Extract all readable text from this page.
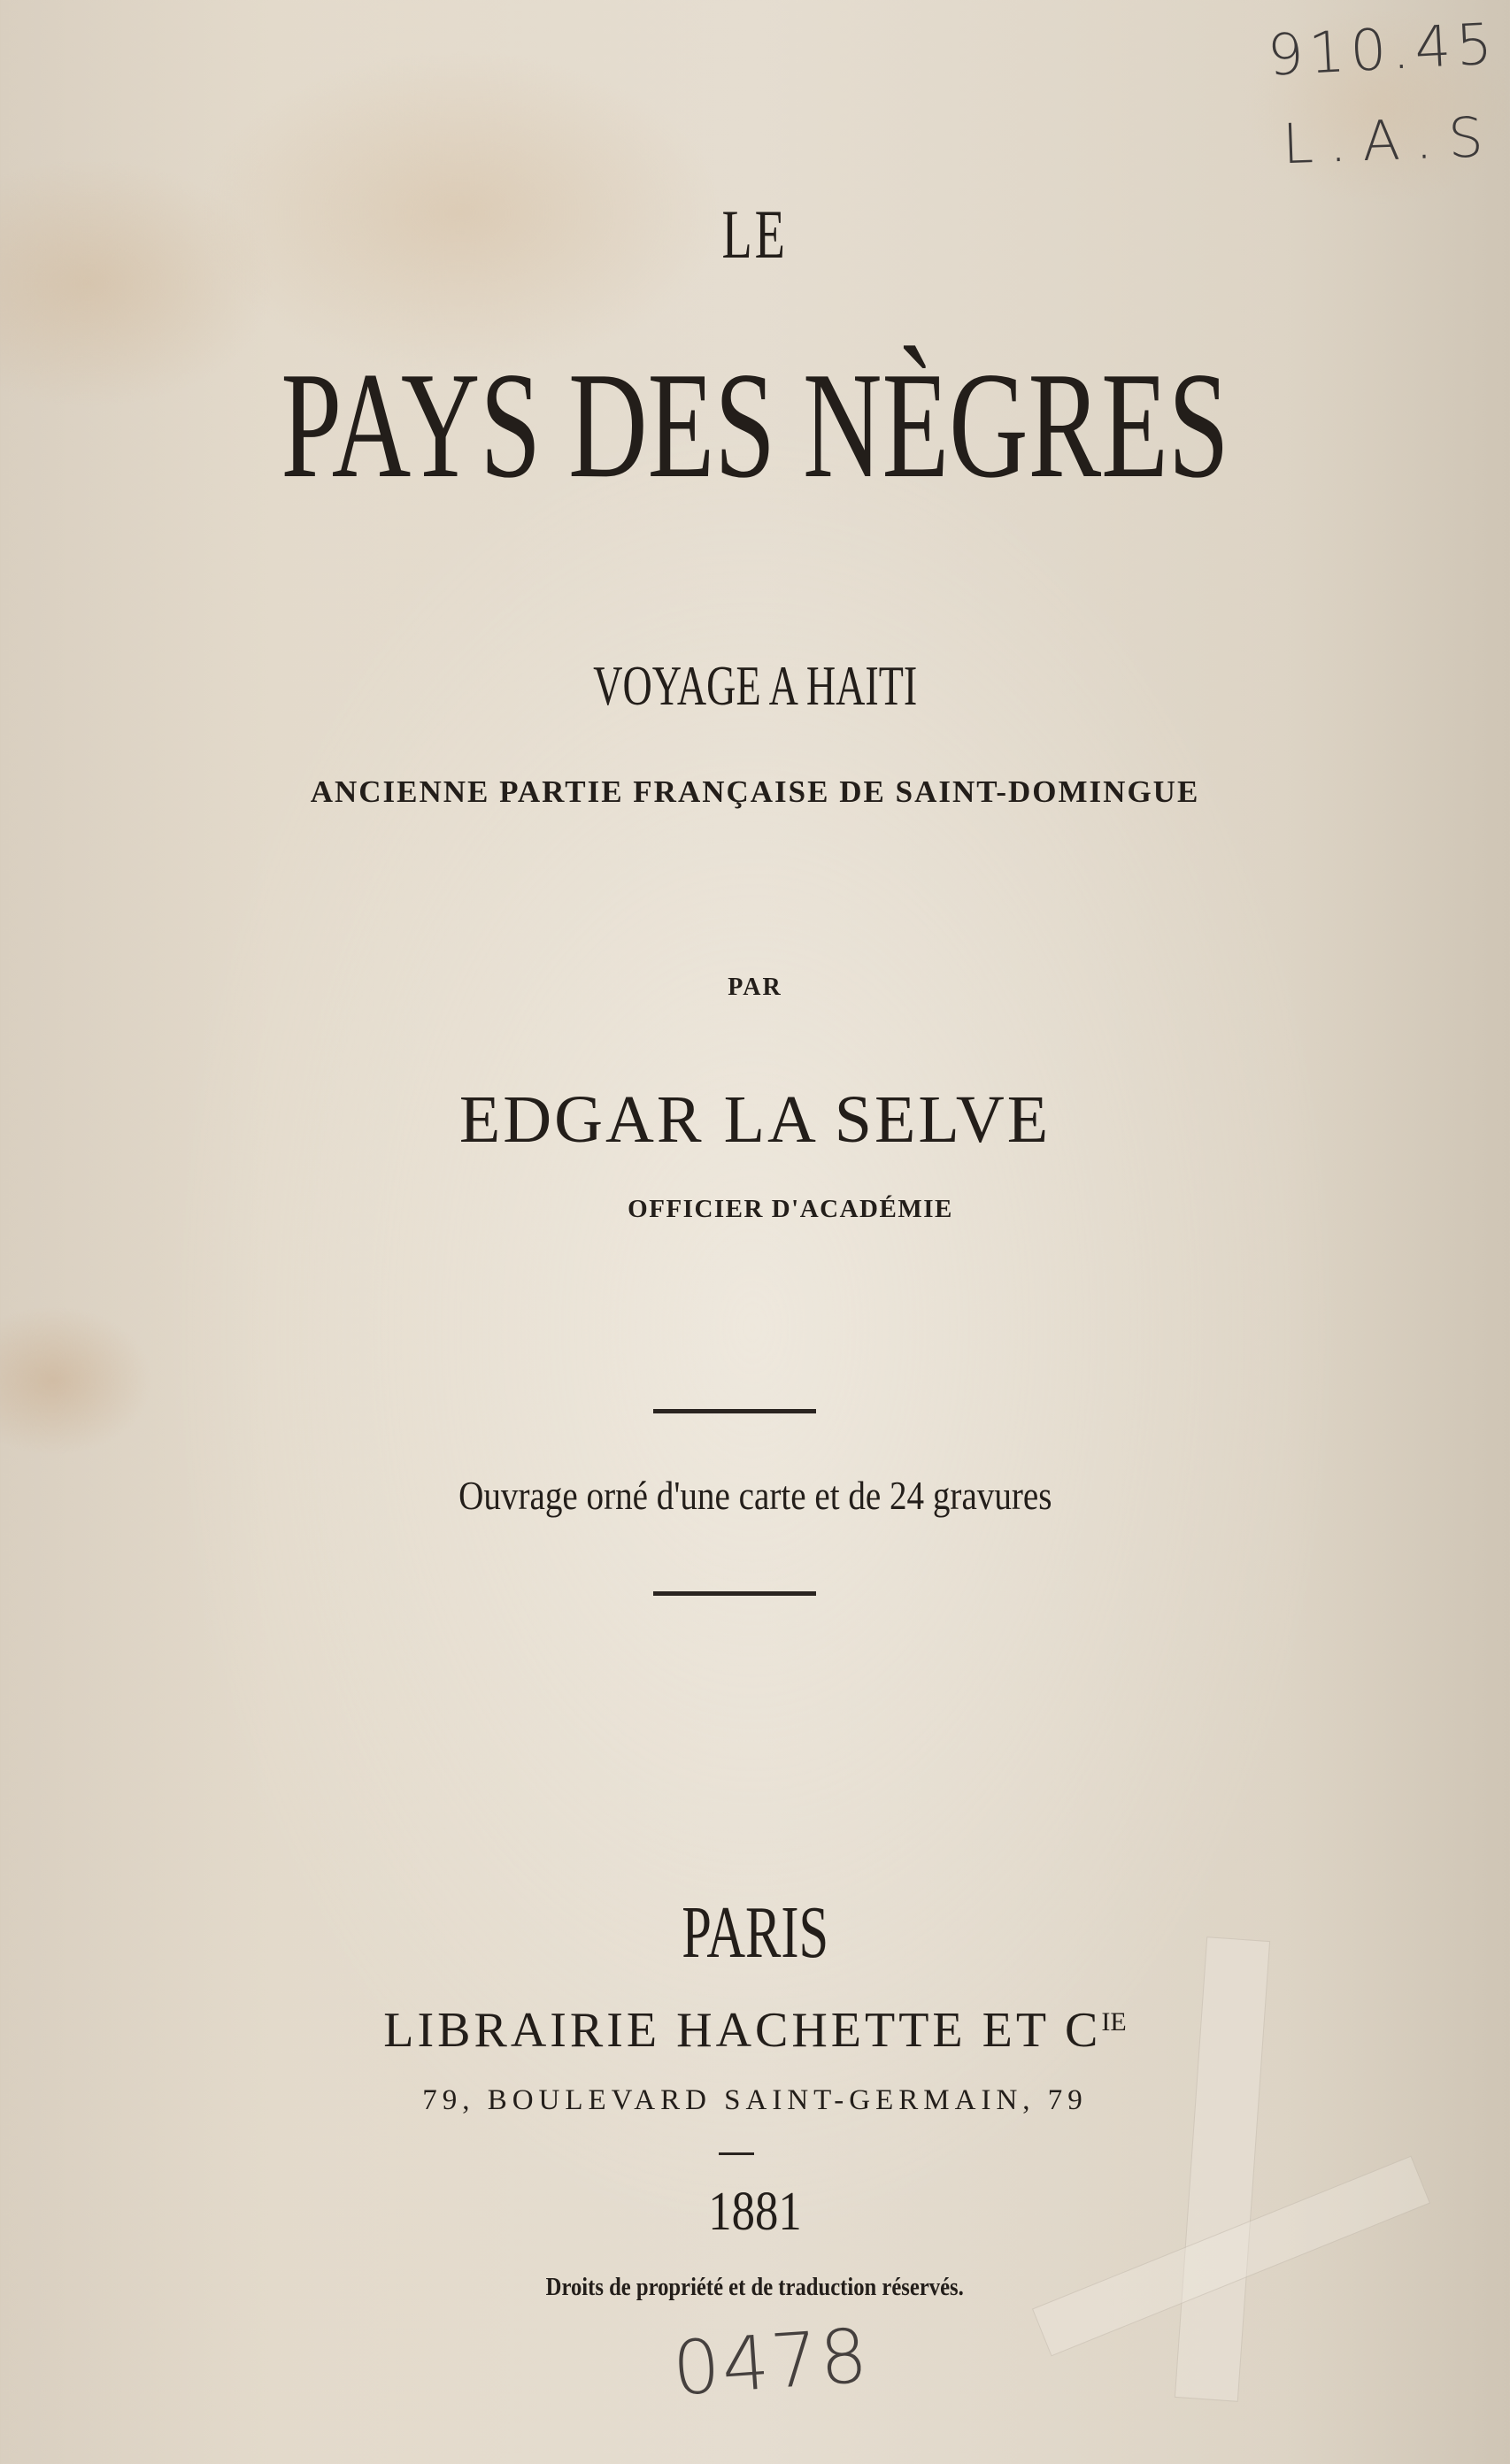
910.45
L.A.S
LE
PAYS DES NÈGRES
VOYAGE A HAITI
ANCIENNE PARTIE FRANÇAISE DE SAINT-DOMINGUE
PAR
EDGAR LA SELVE
OFFICIER D'ACADÉMIE
Ouvrage orné d'une carte et de 24 gravures
PARIS
LIBRAIRIE HACHETTE ET $C^{IE}$
79, BOULEVARD SAINT-GERMAIN, 79
1881
Droits de propriété et de traduction réservés.
0478
